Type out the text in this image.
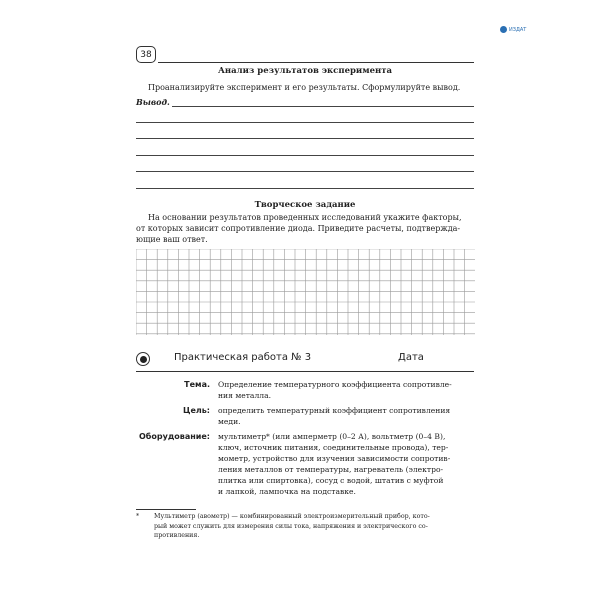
ИЗДАТ
38
Анализ результатов эксперимента
Проанализируйте эксперимент и его результаты. Сформулируйте вывод.
Вывод.
Творческое задание
На основании результатов проведенных исследований укажите факторы,
от которых зависит сопротивление диода. Приведите расчеты, подтвержда-
ющие ваш ответ.
Практическая работа № 3	Дата
Тема. Определение температурного коэффициента сопротивле-
ния металла.
Цель: определить температурный коэффициент сопротивления
меди.
Оборудование: мультиметр* (или амперметр (0–2 А), вольтметр (0–4 В),
ключ, источник питания, соединительные провода), тер-
мометр, устройство для изучения зависимости сопротив-
ления металлов от температуры, нагреватель (электро-
плитка или спиртовка), сосуд с водой, штатив с муфтой
и лапкой, лампочка на подставке.
* Мультиметр (авометр) — комбинированный электроизмерительный прибор, кото-
рый может служить для измерения силы тока, напряжения и электрического со-
противления.
